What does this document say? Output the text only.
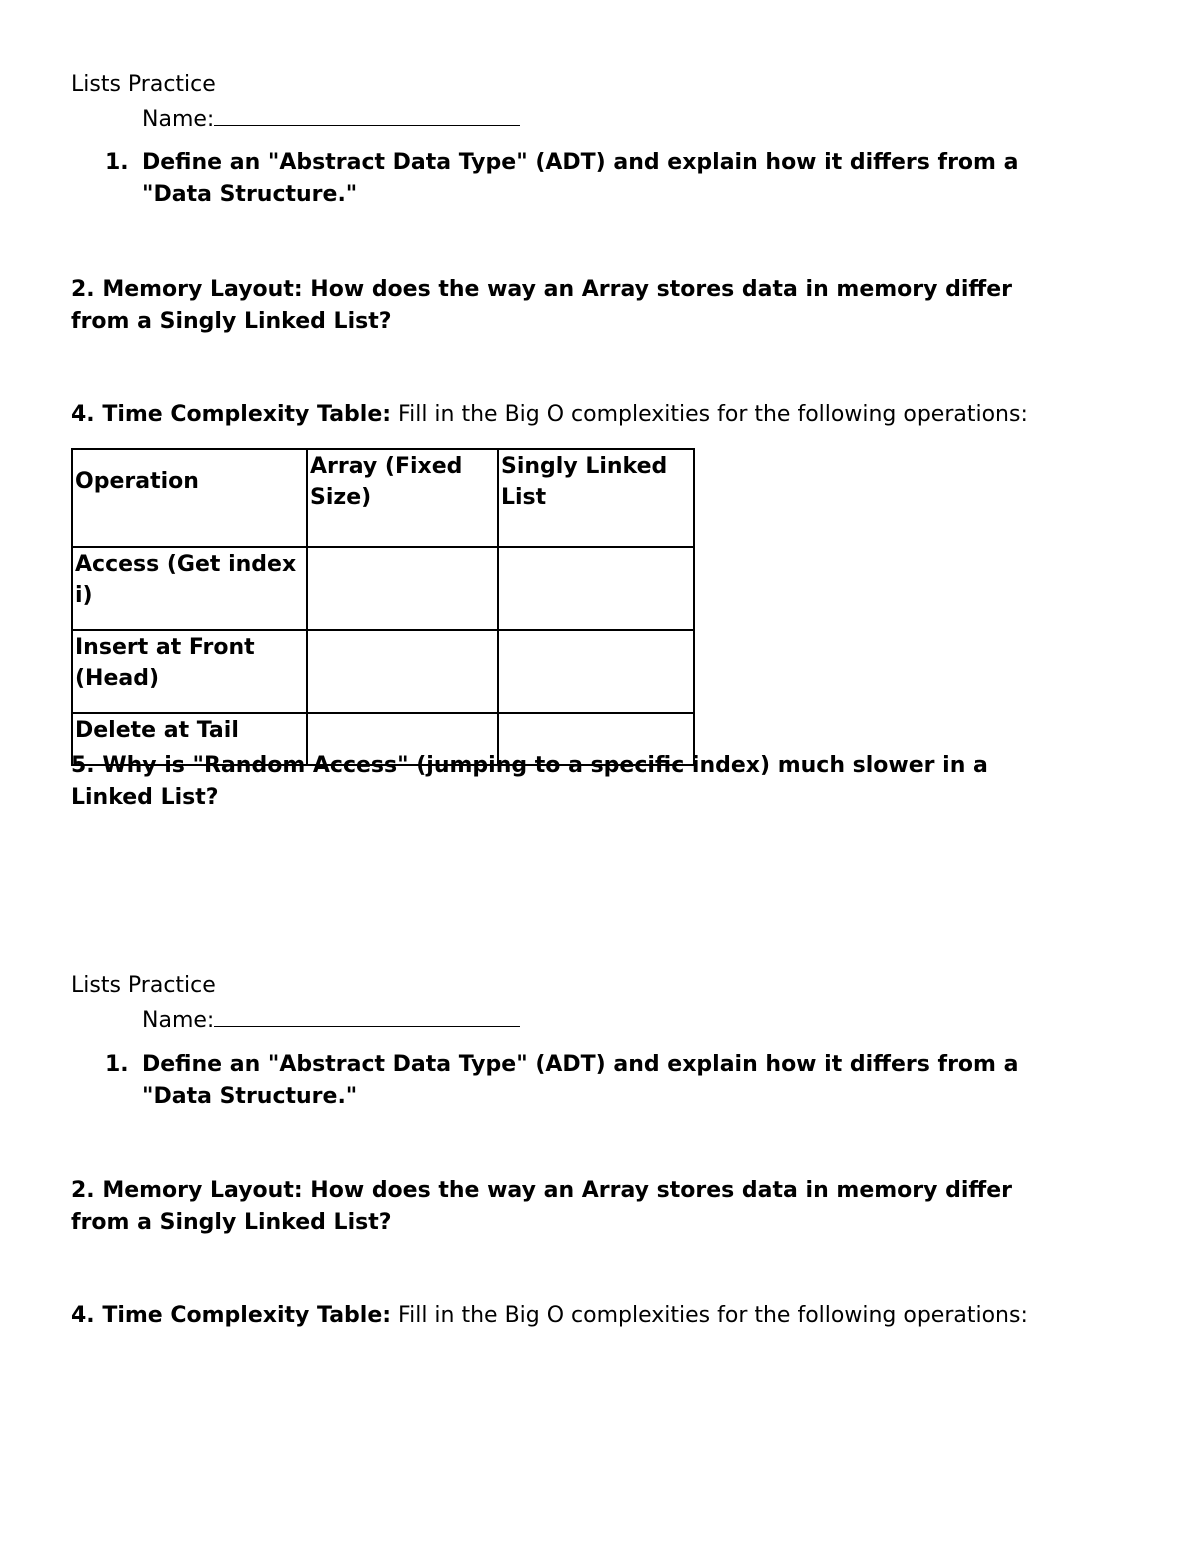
Lists Practice
Name:
1. Define an "Abstract Data Type" (ADT) and explain how it differs from a
"Data Structure."
2. Memory Layout: How does the way an Array stores data in memory differ
from a Singly Linked List?
4. Time Complexity Table: Fill in the Big O complexities for the following operations:
Operation	Array (Fixed Size)	Singly Linked List
Access (Get index i)		
Insert at Front (Head)		
Delete at Tail		
5. Why is "Random Access" (jumping to a specific index) much slower in a
Linked List?
Lists Practice
Name:
1. Define an "Abstract Data Type" (ADT) and explain how it differs from a
"Data Structure."
2. Memory Layout: How does the way an Array stores data in memory differ
from a Singly Linked List?
4. Time Complexity Table: Fill in the Big O complexities for the following operations:
